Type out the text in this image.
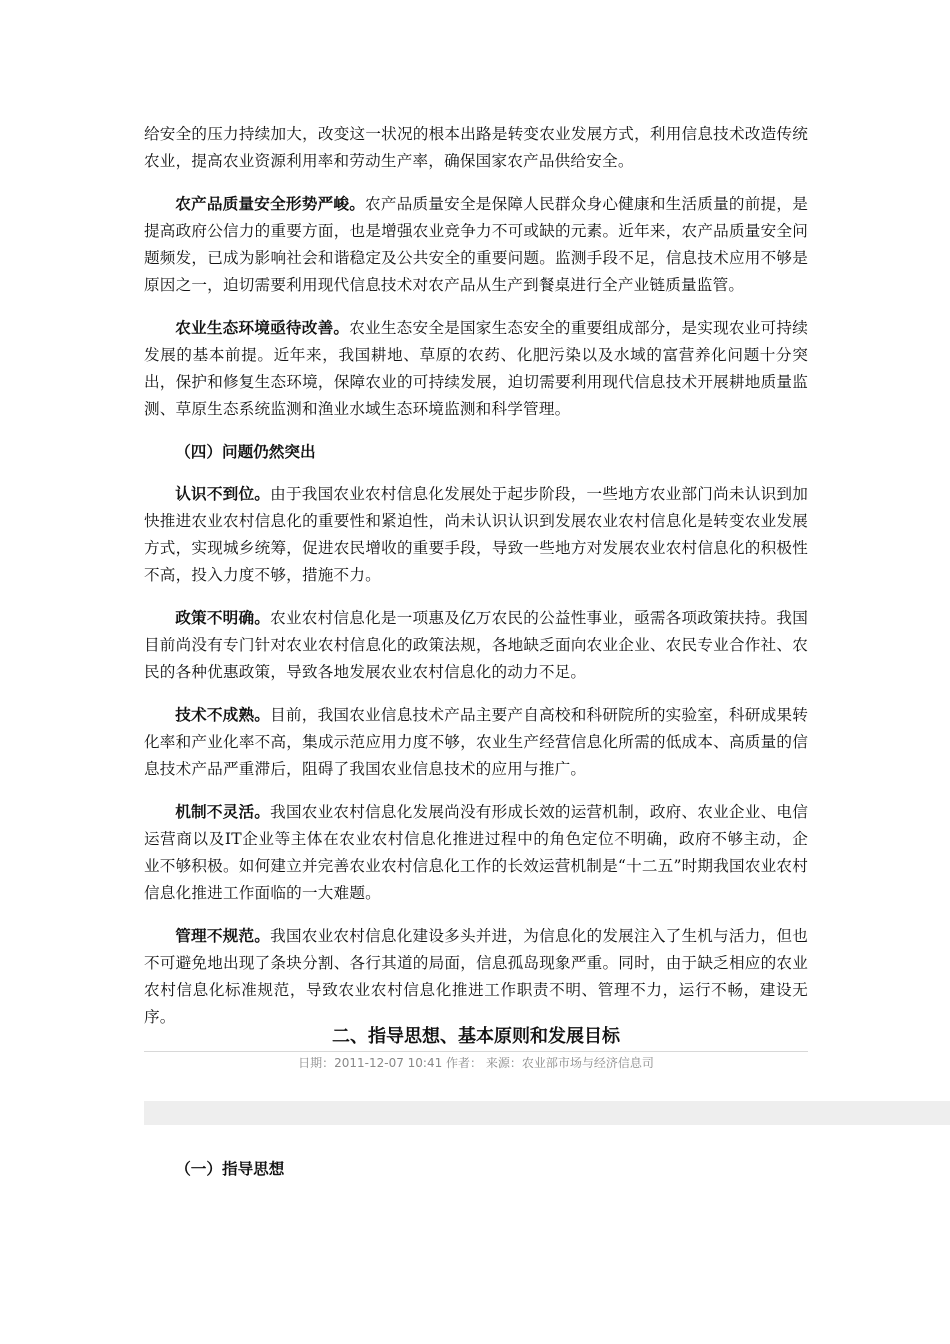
给安全的压力持续加大，改变这一状况的根本出路是转变农业发展方式，利用信息技术改造传统农业，提高农业资源利用率和劳动生产率，确保国家农产品供给安全。

农产品质量安全形势严峻。农产品质量安全是保障人民群众身心健康和生活质量的前提，是提高政府公信力的重要方面，也是增强农业竞争力不可或缺的元素。近年来，农产品质量安全问题频发，已成为影响社会和谐稳定及公共安全的重要问题。监测手段不足，信息技术应用不够是原因之一，迫切需要利用现代信息技术对农产品从生产到餐桌进行全产业链质量监管。

农业生态环境亟待改善。农业生态安全是国家生态安全的重要组成部分，是实现农业可持续发展的基本前提。近年来，我国耕地、草原的农药、化肥污染以及水域的富营养化问题十分突出，保护和修复生态环境，保障农业的可持续发展，迫切需要利用现代信息技术开展耕地质量监测、草原生态系统监测和渔业水域生态环境监测和科学管理。

（四）问题仍然突出

认识不到位。由于我国农业农村信息化发展处于起步阶段，一些地方农业部门尚未认识到加快推进农业农村信息化的重要性和紧迫性，尚未认识认识到发展农业农村信息化是转变农业发展方式，实现城乡统筹，促进农民增收的重要手段，导致一些地方对发展农业农村信息化的积极性不高，投入力度不够，措施不力。

政策不明确。农业农村信息化是一项惠及亿万农民的公益性事业，亟需各项政策扶持。我国目前尚没有专门针对农业农村信息化的政策法规，各地缺乏面向农业企业、农民专业合作社、农民的各种优惠政策，导致各地发展农业农村信息化的动力不足。

技术不成熟。目前，我国农业信息技术产品主要产自高校和科研院所的实验室，科研成果转化率和产业化率不高，集成示范应用力度不够，农业生产经营信息化所需的低成本、高质量的信息技术产品严重滞后，阻碍了我国农业信息技术的应用与推广。

机制不灵活。我国农业农村信息化发展尚没有形成长效的运营机制，政府、农业企业、电信运营商以及IT企业等主体在农业农村信息化推进过程中的角色定位不明确，政府不够主动，企业不够积极。如何建立并完善农业农村信息化工作的长效运营机制是“十二五”时期我国农业农村信息化推进工作面临的一大难题。

管理不规范。我国农业农村信息化建设多头并进，为信息化的发展注入了生机与活力，但也不可避免地出现了条块分割、各行其道的局面，信息孤岛现象严重。同时，由于缺乏相应的农业农村信息化标准规范，导致农业农村信息化推进工作职责不明、管理不力，运行不畅，建设无序。

二、指导思想、基本原则和发展目标
日期：2011-12-07 10:41 作者： 来源：农业部市场与经济信息司
（一）指导思想
